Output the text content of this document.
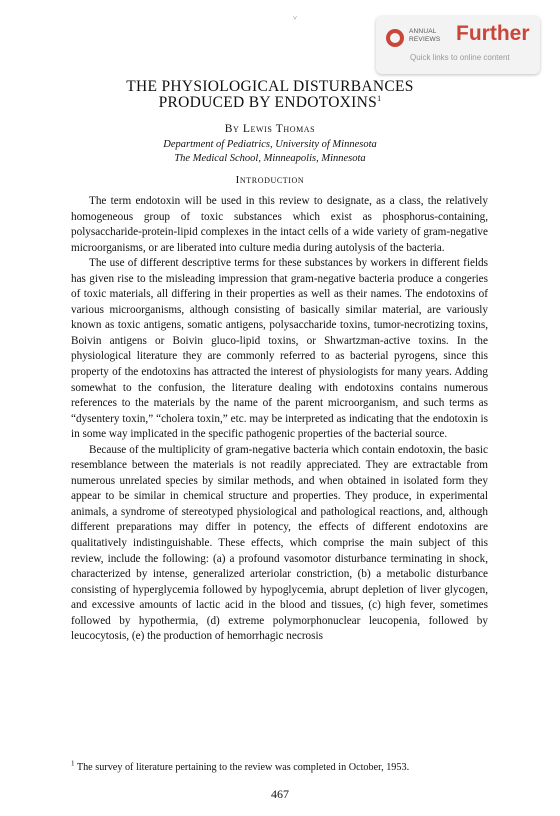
ANNUAL
REVIEWS Further
Quick links to online content
˅
THE PHYSIOLOGICAL DISTURBANCES
PRODUCED BY ENDOTOXINS$^1$
By Lewis Thomas
Department of Pediatrics, University of Minnesota
The Medical School, Minneapolis, Minnesota
Introduction

The term endotoxin will be used in this review to designate, as a class, the relatively homogeneous group of toxic substances which exist as phosphorus-containing, polysaccharide-protein-lipid complexes in the intact cells of a wide variety of gram-negative microorganisms, or are liberated into culture media during autolysis of the bacteria.

The use of different descriptive terms for these substances by workers in different fields has given rise to the misleading impression that gram-negative bacteria produce a congeries of toxic materials, all differing in their properties as well as their names. The endotoxins of various microorganisms, although consisting of basically similar material, are variously known as toxic antigens, somatic antigens, polysaccharide toxins, tumor-necrotizing toxins, Boivin antigens or Boivin gluco-lipid toxins, or Shwartzman-active toxins. In the physiological literature they are commonly referred to as bacterial pyrogens, since this property of the endotoxins has attracted the interest of physiologists for many years. Adding somewhat to the confusion, the literature dealing with endotoxins contains numerous references to the materials by the name of the parent microorganism, and such terms as “dysentery toxin,” “cholera toxin,” etc. may be interpreted as indicating that the endotoxin is in some way implicated in the specific pathogenic properties of the bacterial source.

Because of the multiplicity of gram-negative bacteria which contain endotoxin, the basic resemblance between the materials is not readily appreciated. They are extractable from numerous unrelated species by similar methods, and when obtained in isolated form they appear to be similar in chemical structure and properties. They produce, in experimental animals, a syndrome of stereotyped physiological and pathological reactions, and, although different preparations may differ in potency, the effects of different endotoxins are qualitatively indistinguishable. These effects, which comprise the main subject of this review, include the following: (a) a profound vasomotor disturbance terminating in shock, characterized by intense, generalized arteriolar constriction, (b) a metabolic disturbance consisting of hyperglycemia followed by hypoglycemia, abrupt depletion of liver glycogen, and excessive amounts of lactic acid in the blood and tissues, (c) high fever, sometimes followed by hypothermia, (d) extreme polymorphonuclear leucopenia, followed by leucocytosis, (e) the production of hemorrhagic necrosis

$^1$ The survey of literature pertaining to the review was completed in October, 1953.
467
